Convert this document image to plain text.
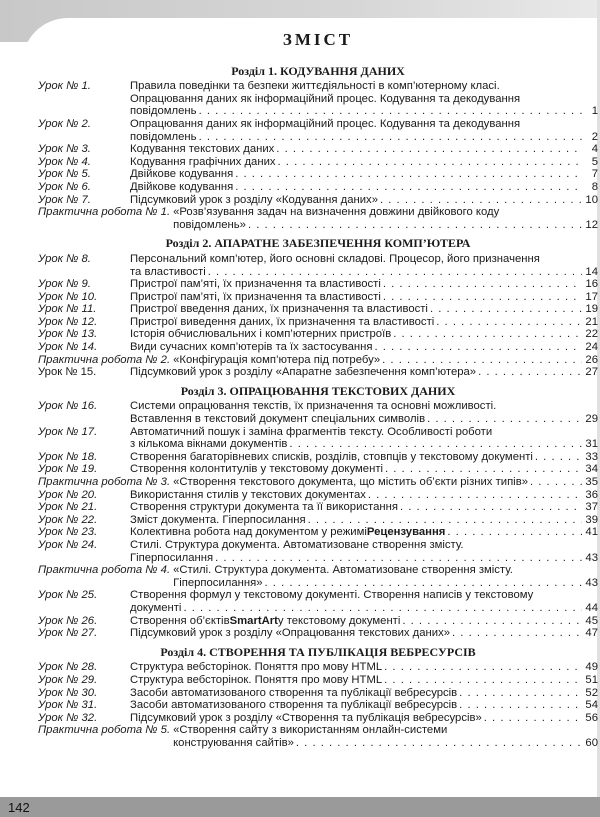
ЗМІСТ
Розділ 1. КОДУВАННЯ ДАНИХ
Урок № 1.	Правила поведінки та безпеки життєдіяльності в комп’ютерному класі.
Опрацювання даних як інформаційний процес. Кодування та декодування
повідомлень . . .	1
Урок № 2.	Опрацювання даних як інформаційний процес. Кодування та декодування
повідомлень . . .	2
Урок № 3.	Кодування текстових даних . . .	4
Урок № 4.	Кодування графічних даних . . .	5
Урок № 5.	Двійкове кодування . . .	7
Урок № 6.	Двійкове кодування . . .	8
Урок № 7.	Підсумковий урок з розділу «Кодування даних» . . .	10
Практична робота № 1. «Розв’язування задач на визначення довжини двійкового коду
повідомлень» . . .	12
Розділ 2. АПАРАТНЕ ЗАБЕЗПЕЧЕННЯ КОМП’ЮТЕРА
Урок № 8.	Персональний комп’ютер, його основні складові. Процесор, його призначення
та властивості . . .	14
Урок № 9.	Пристрої пам’яті, їх призначення та властивості . . .	16
Урок № 10.	Пристрої пам’яті, їх призначення та властивості . . .	17
Урок № 11.	Пристрої введення даних, їх призначення та властивості . . .	19
Урок № 12.	Пристрої виведення даних, їх призначення та властивості . . .	21
Урок № 13.	Історія обчислювальних і комп’ютерних пристроїв . . .	22
Урок № 14.	Види сучасних комп’ютерів та їх застосування . . .	24
Практична робота № 2. «Конфігурація комп’ютера під потребу» . . .	26
Урок № 15.	Підсумковий урок з розділу «Апаратне забезпечення комп’ютера» . . .	27
Розділ 3. ОПРАЦЮВАННЯ ТЕКСТОВИХ ДАНИХ
Урок № 16.	Системи опрацювання текстів, їх призначення та основні можливості.
Вставлення в текстовий документ спеціальних символів . . .	29
Урок № 17.	Автоматичний пошук і заміна фрагментів тексту. Особливості роботи
з кількома вікнами документів . . .	31
Урок № 18.	Створення багаторівневих списків, розділів, стовпців у текстовому документі . . .	33
Урок № 19.	Створення колонтитулів у текстовому документі . . .	34
Практична робота № 3. «Створення текстового документа, що містить об’єкти різних типів» . . .	35
Урок № 20.	Використання стилів у текстових документах . . .	36
Урок № 21.	Створення структури документа та її використання . . .	37
Урок № 22.	Зміст документа. Гіперпосилання . . .	39
Урок № 23.	Колективна робота над документом у режимі Рецензування . . .	41
Урок № 24.	Стилі. Структура документа. Автоматизоване створення змісту.
Гіперпосилання . . .	43
Практична робота № 4. «Стилі. Структура документа. Автоматизоване створення змісту.
Гіперпосилання» . . .	43
Урок № 25.	Створення формул у текстовому документі. Створення написів у текстовому
документі . . .	44
Урок № 26.	Створення об’єктів SmartArt у текстовому документі . . .	45
Урок № 27.	Підсумковий урок з розділу «Опрацювання текстових даних» . . .	47
Розділ 4. СТВОРЕННЯ ТА ПУБЛІКАЦІЯ ВЕБРЕСУРСІВ
Урок № 28.	Структура вебсторінок. Поняття про мову HTML . . .	49
Урок № 29.	Структура вебсторінок. Поняття про мову HTML . . .	51
Урок № 30.	Засоби автоматизованого створення та публікації вебресурсів . . .	52
Урок № 31.	Засоби автоматизованого створення та публікації вебресурсів . . .	54
Урок № 32.	Підсумковий урок з розділу «Створення та публікація вебресурсів» . . .	56
Практична робота № 5. «Створення сайту з використанням онлайн-системи
конструювання сайтів» . . .	60
142
